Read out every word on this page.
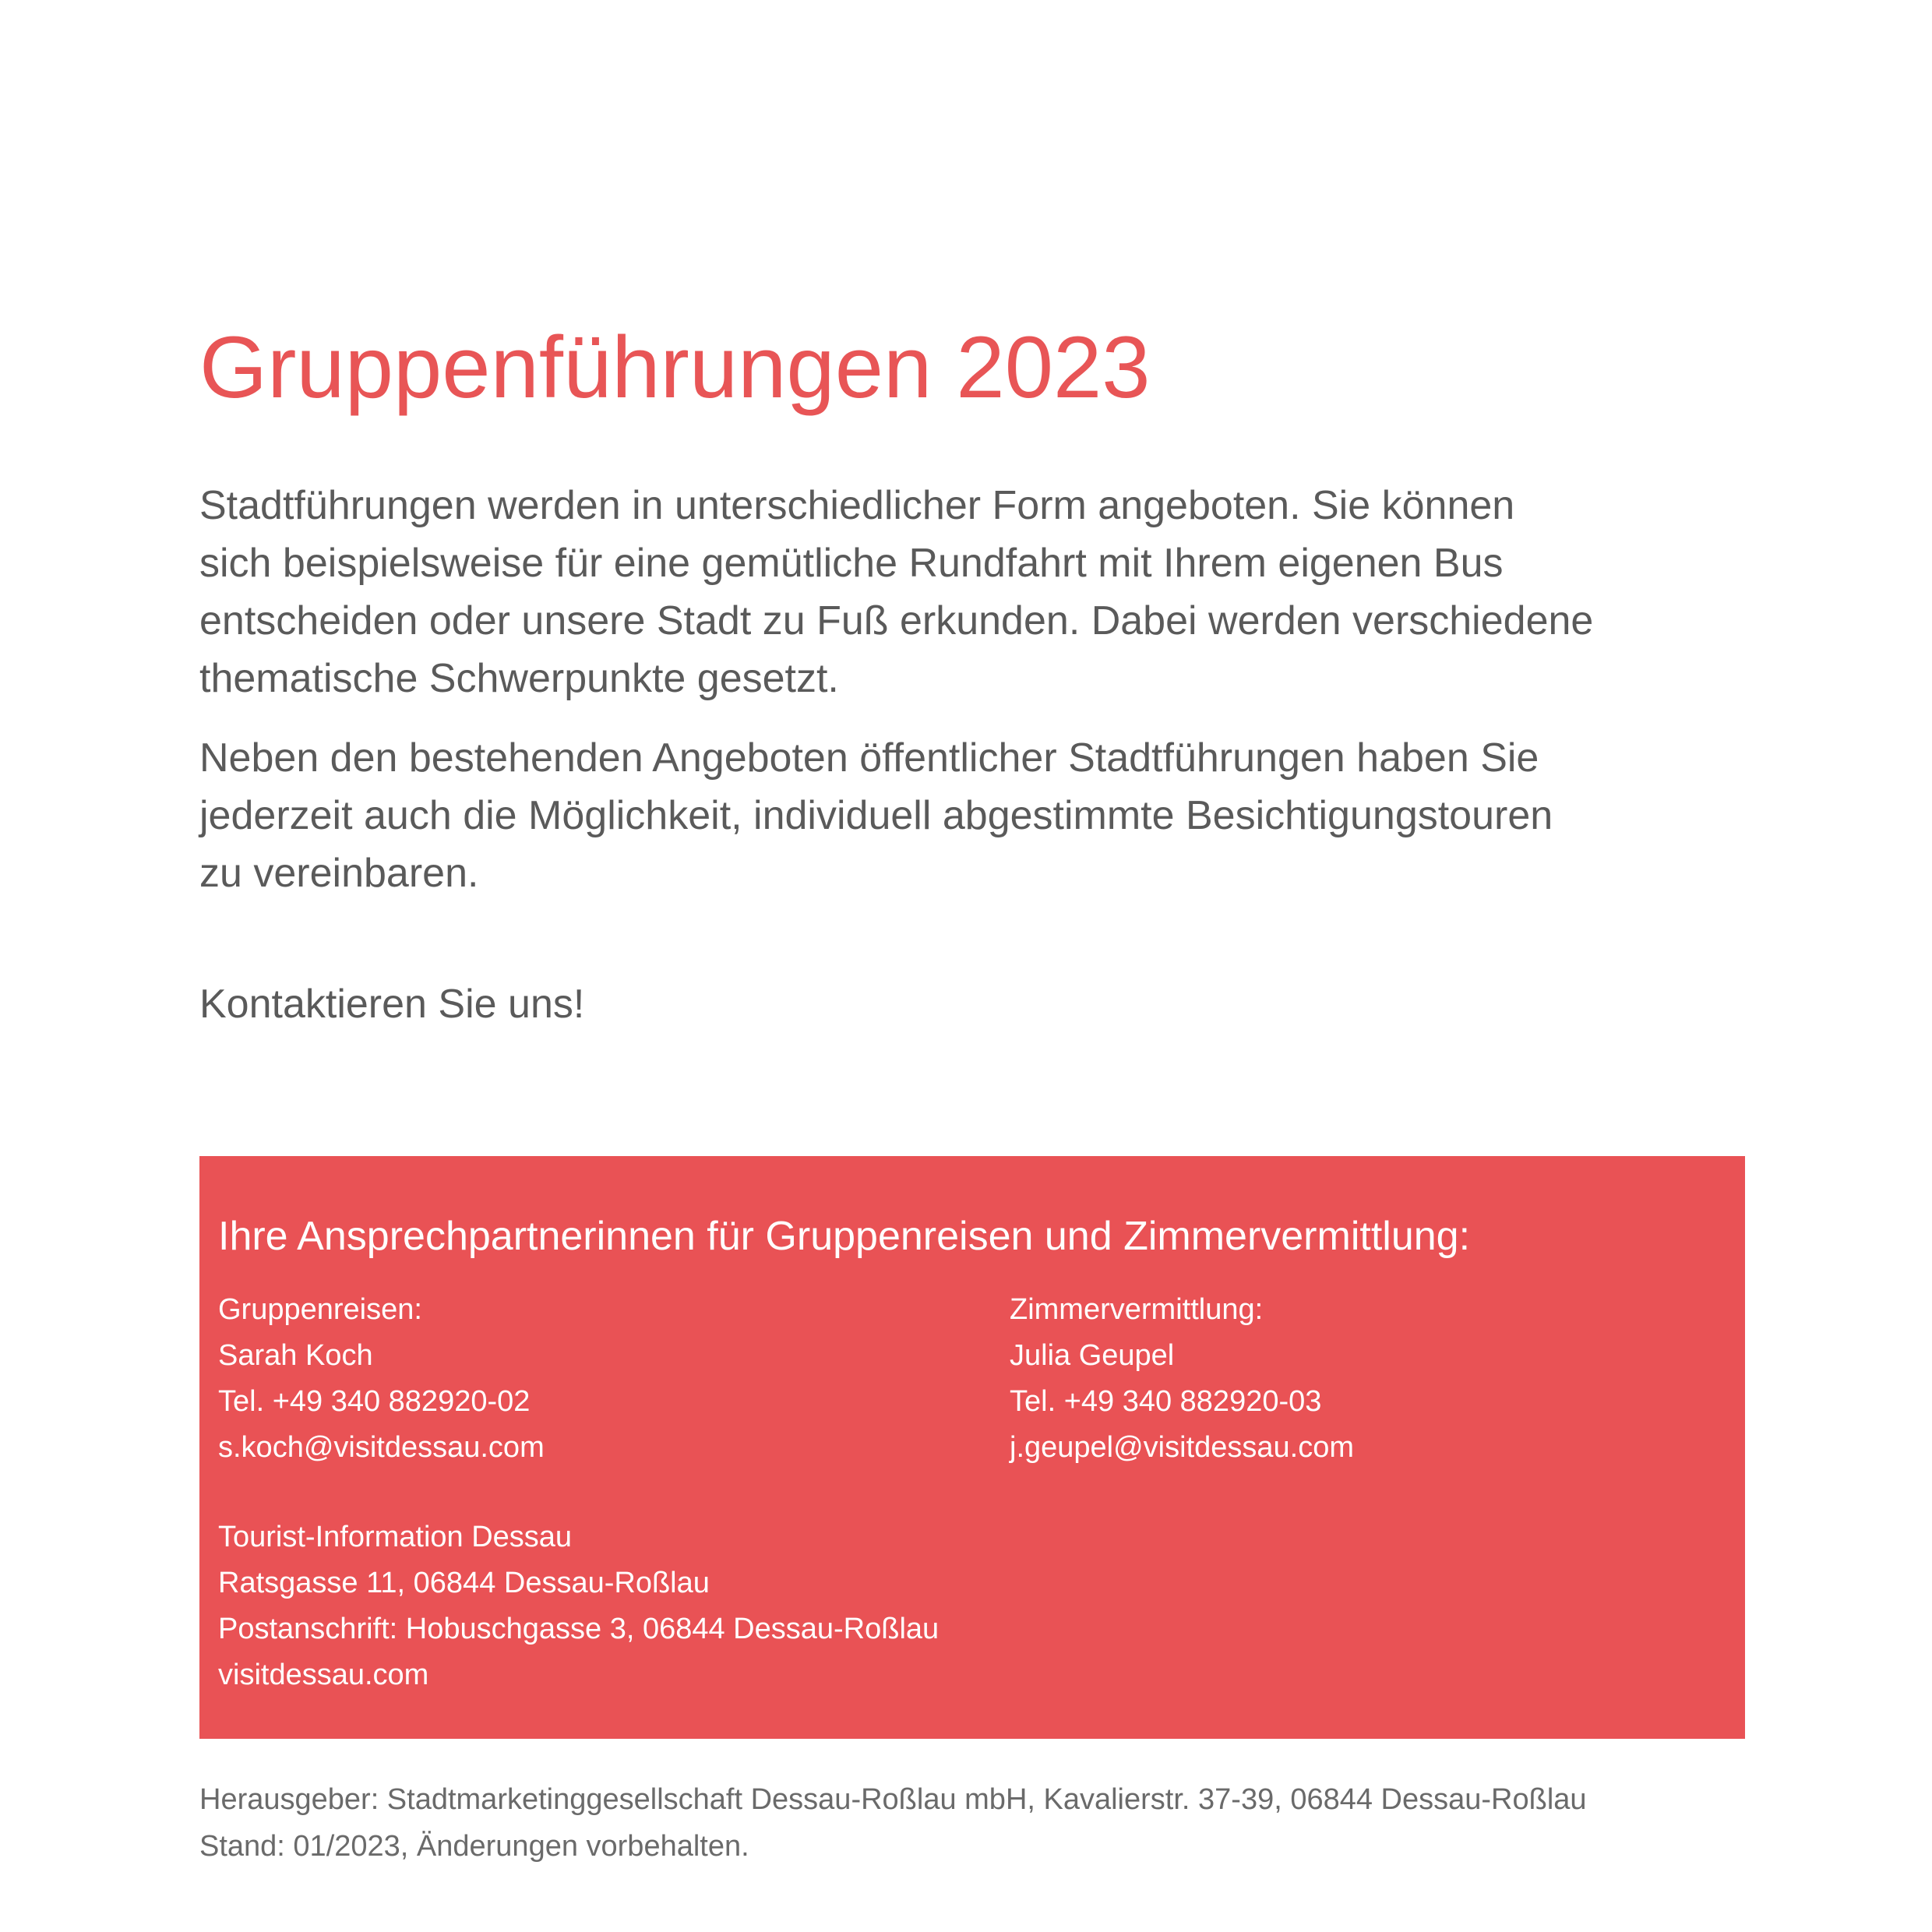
Gruppenführungen 2023

Stadtführungen werden in unterschiedlicher Form angeboten. Sie können
sich beispielsweise für eine gemütliche Rundfahrt mit Ihrem eigenen Bus
entscheiden oder unsere Stadt zu Fuß erkunden. Dabei werden verschiedene
thematische Schwerpunkte gesetzt.

Neben den bestehenden Angeboten öffentlicher Stadtführungen haben Sie
jederzeit auch die Möglichkeit, individuell abgestimmte Besichtigungstouren
zu vereinbaren.

Kontaktieren Sie uns!

Ihre Ansprechpartnerinnen für Gruppenreisen und Zimmervermittlung:
Gruppenreisen:
Sarah Koch
Tel. +49 340 882920-02
s.koch@visitdessau.com
Zimmervermittlung:
Julia Geupel
Tel. +49 340 882920-03
j.geupel@visitdessau.com
Tourist-Information Dessau
Ratsgasse 11, 06844 Dessau-Roßlau
Postanschrift: Hobuschgasse 3, 06844 Dessau-Roßlau
visitdessau.com
Herausgeber: Stadtmarketinggesellschaft Dessau-Roßlau mbH, Kavalierstr. 37-39, 06844 Dessau-Roßlau
Stand: 01/2023, Änderungen vorbehalten.
